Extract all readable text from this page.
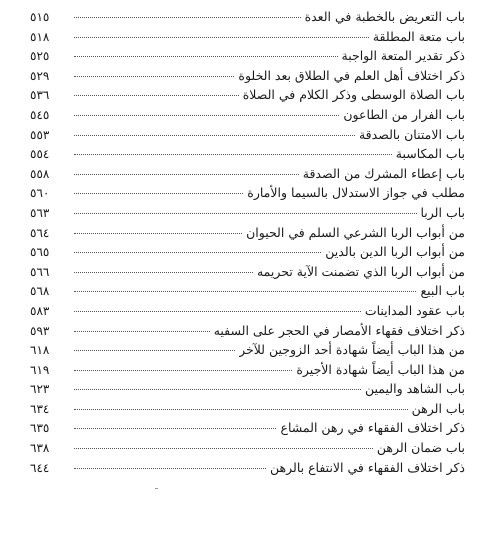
باب التعريض بالخطبة في العدة
٥١٥
باب متعة المطلقة
٥١٨
ذكر تقدير المتعة الواجبة
٥٢٥
ذكر اختلاف أهل العلم في الطلاق بعد الخلوة
٥٢٩
باب الصلاة الوسطى وذكر الكلام في الصلاة
٥٣٦
باب الفرار من الطاعون
٥٤٥
باب الامتنان بالصدقة
٥٥٣
باب المكاسبة
٥٥٤
باب إعطاء المشرك من الصدقة
٥٥٨
مطلب في جواز الاستدلال بالسيما والأمارة
٥٦٠
باب الربا
٥٦٣
من أبواب الربا الشرعي السلم في الحيوان
٥٦٤
من أبواب الربا الدين بالدين
٥٦٥
من أبواب الربا الذي تضمنت الآية تحريمه
٥٦٦
باب البيع
٥٦٨
باب عقود المداينات
٥٨٣
ذكر اختلاف فقهاء الأمصار في الحجر على السفيه
٥٩٣
من هذا الباب أيضاً شهادة أحد الزوجين للآخر
٦١٨
من هذا الباب أيضاً شهادة الأجيرة
٦١٩
باب الشاهد واليمين
٦٢٣
باب الرهن
٦٣٤
ذكر اختلاف الفقهاء في رهن المشاع
٦٣٥
باب ضمان الرهن
٦٣٨
ذكر اختلاف الفقهاء في الانتفاع بالرهن
٦٤٤
